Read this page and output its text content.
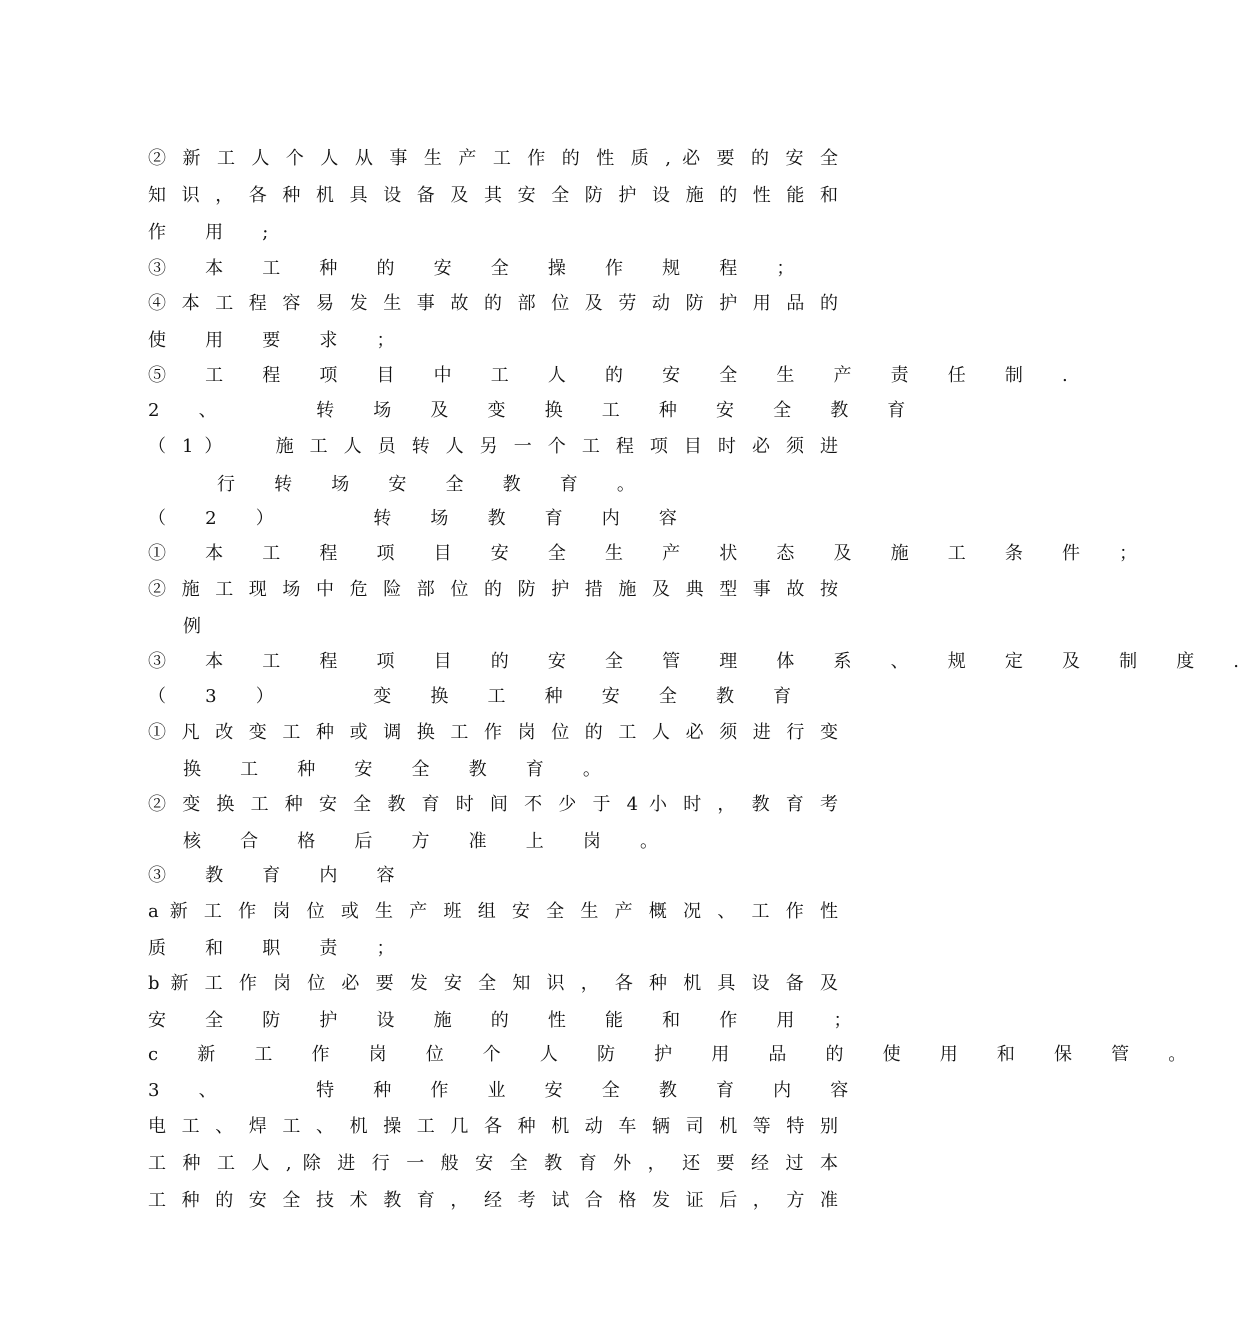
② 新 工 人 个 人 从 事 生 产 工 作 的 性 质 , 必 要 的 安 全
知 识 ， 各 种 机 具 设 备 及 其 安 全 防 护 设 施 的 性 能 和
作 用 ;
③ 本 工 种 的 安 全 操 作 规 程 ；
④ 本 工 程 容 易 发 生 事 故 的 部 位 及 劳 动 防 护 用 品 的
使 用 要 求 ；
⑤ 工 程 项 目 中 工 人 的 安 全 生 产 责 任 制 .
2 、　　 转 场 及 变 换 工 种 安 全 教 育
（ 1 ）　　 施 工 人 员 转 人 另 一 个 工 程 项 目 时 必 须 进
行 转 场 安 全 教 育 。
（ 2 ）　　 转 场 教 育 内 容
① 本 工 程 项 目 安 全 生 产 状 态 及 施 工 条 件 ；
② 施 工 现 场 中 危 险 部 位 的 防 护 措 施 及 典 型 事 故 按
例
③ 本 工 程 项 目 的 安 全 管 理 体 系 、 规 定 及 制 度 .
（ 3 ）　　 变 换 工 种 安 全 教 育
① 凡 改 变 工 种 或 调 换 工 作 岗 位 的 工 人 必 须 进 行 变
换 工 种 安 全 教 育 。
② 变 换 工 种 安 全 教 育 时 间 不 少 于 4 小 时 ， 教 育 考
核 合 格 后 方 准 上 岗 。
③ 教 育 内 容
a 新 工 作 岗 位 或 生 产 班 组 安 全 生 产 概 况 、 工 作 性
质 和 职 责 ；
b 新 工 作 岗 位 必 要 发 安 全 知 识 ， 各 种 机 具 设 备 及
安 全 防 护 设 施 的 性 能 和 作 用 ；
c 新 工 作 岗 位 个 人 防 护 用 品 的 使 用 和 保 管 。
3 、　　 特 种 作 业 安 全 教 育 内 容
电 工 、 焊 工 、 机 操 工 几 各 种 机 动 车 辆 司 机 等 特 别
工 种 工 人 , 除 进 行 一 般 安 全 教 育 外 ， 还 要 经 过 本
工 种 的 安 全 技 术 教 育 ， 经 考 试 合 格 发 证 后 ， 方 准
